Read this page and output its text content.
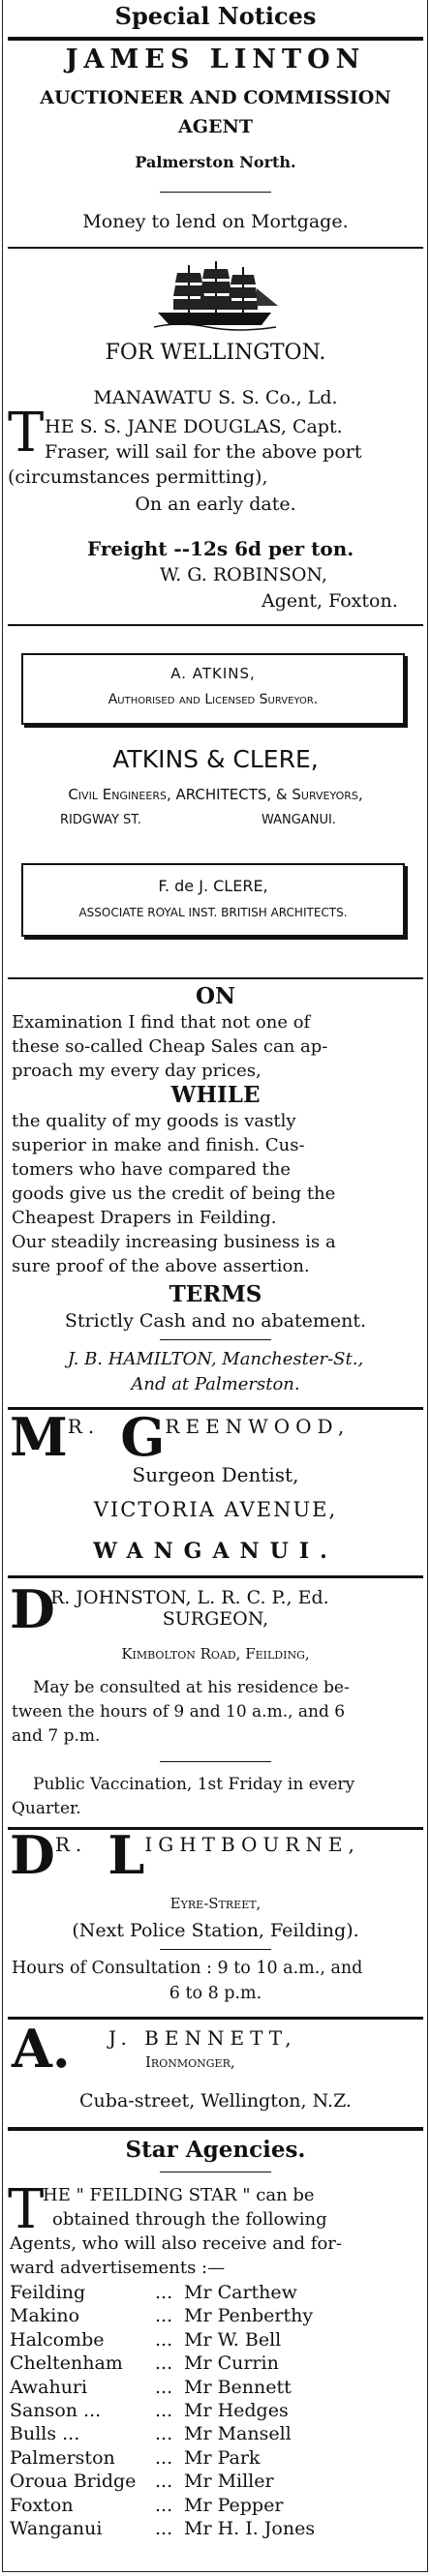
Special Notices
JAMES LINTON
AUCTIONEER AND COMMISSION
AGENT
Palmerston North.
Money to lend on Mortgage.
FOR WELLINGTON.
MANAWATU S. S. Co., Ld.
T HE S. S. JANE DOUGLAS, Capt.
Fraser, will sail for the above port
(circumstances permitting),
On an early date.
Freight --12s 6d per ton.
W. G. ROBINSON,
Agent, Foxton.
A. ATKINS,
Authorised and Licensed Surveyor.
ATKINS & CLERE,
Civil Engineers, ARCHITECTS, & Surveyors,
RIDGWAY ST.	WANGANUI.
F. de J. CLERE,
ASSOCIATE ROYAL INST. BRITISH ARCHITECTS.
ON
Examination I find that not one of
these so-called Cheap Sales can ap-
proach my every day prices,
WHILE
the quality of my goods is vastly
superior in make and finish. Cus-
tomers who have compared the
goods give us the credit of being the
Cheapest Drapers in Feilding.
Our steadily increasing business is a
sure proof of the above assertion.
TERMS
Strictly Cash and no abatement.
J. B. HAMILTON, Manchester-St.,
And at Palmerston.
MR. GREENWOOD,
Surgeon Dentist,
VICTORIA AVENUE,
WANGANUI.
D
R. JOHNSTON, L. R. C. P., Ed.
SURGEON,
Kimbolton Road, Feilding,
May be consulted at his residence be-
tween the hours of 9 and 10 a.m., and 6
and 7 p.m.
Public Vaccination, 1st Friday in every
Quarter.
DR. LIGHTBOURNE,
Eyre-Street,
(Next Police Station, Feilding).
Hours of Consultation : 9 to 10 a.m., and
6 to 8 p.m.
A. J. BENNETT,
Ironmonger,
Cuba-street, Wellington, N.Z.
Star Agencies.
T
HE " FEILDING STAR " can be
obtained through the following
Agents, who will also receive and for-
ward advertisements :—
Feilding	... Mr Carthew
Makino	... Mr Penberthy
Halcombe	... Mr W. Bell
Cheltenham ... Mr Currin
Awahuri	... Mr Bennett
Sanson ...	... Mr Hedges
Bulls ...	... Mr Mansell
Palmerston ... Mr Park
Oroua Bridge ... Mr Miller
Foxton	... Mr Pepper
Wanganui	... Mr H. I. Jones
